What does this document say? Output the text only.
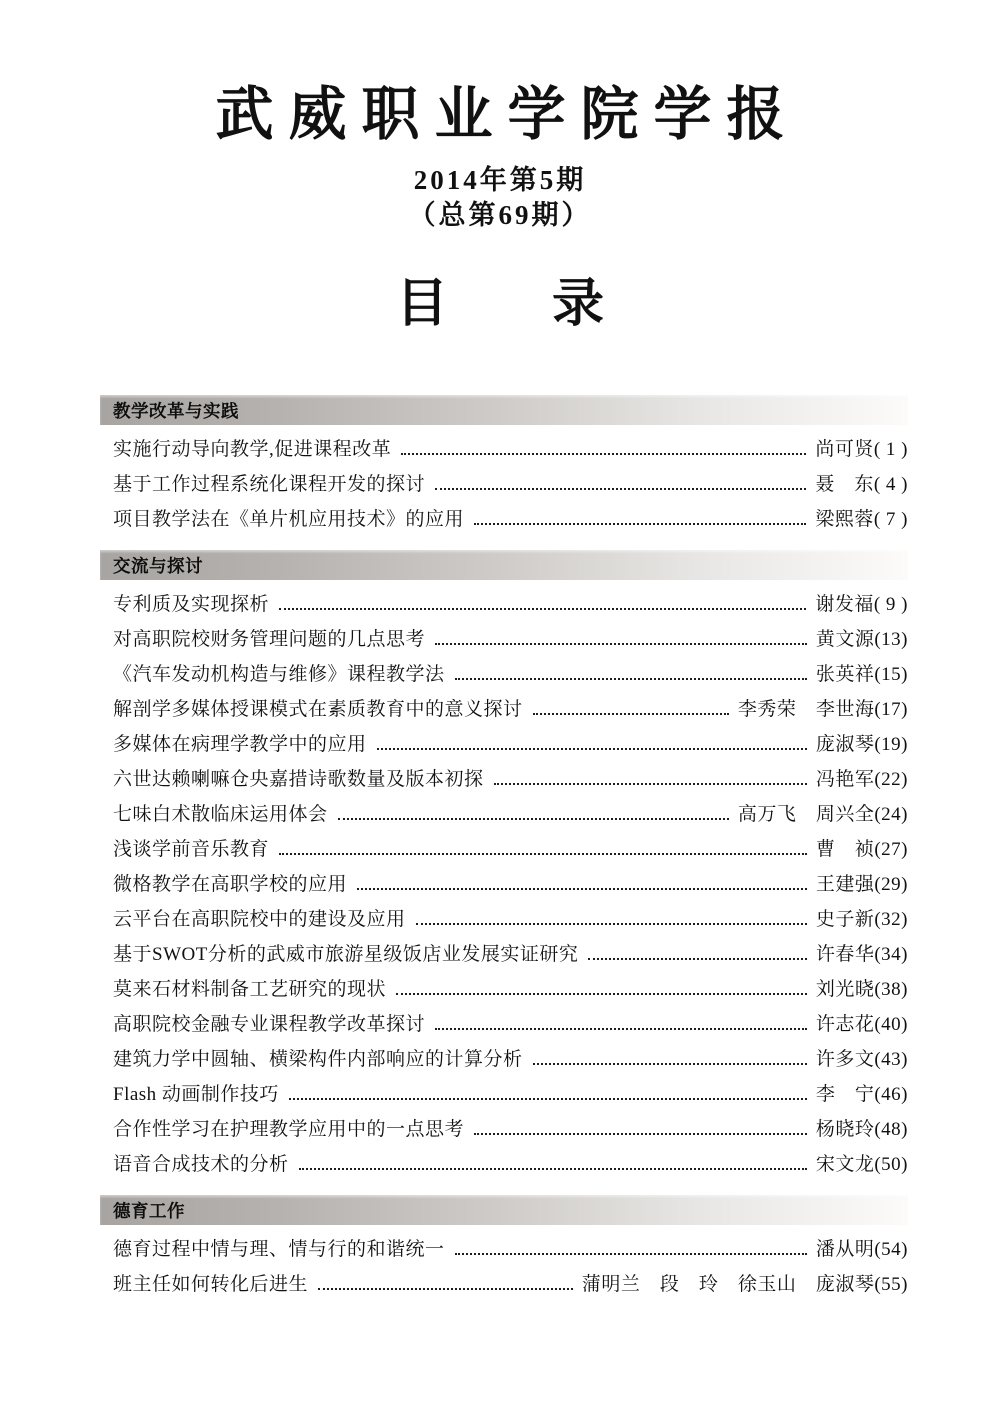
武威职业学院学报
2014年第5期
（总第69期）
目　　录
教学改革与实践
实施行动导向教学,促进课程改革	尚可贤( 1 )
基于工作过程系统化课程开发的探讨	聂　东( 4 )
项目教学法在《单片机应用技术》的应用	梁熙蓉( 7 )
交流与探讨
专利质及实现探析	谢发福( 9 )
对高职院校财务管理问题的几点思考	黄文源(13)
《汽车发动机构造与维修》课程教学法	张英祥(15)
解剖学多媒体授课模式在素质教育中的意义探讨	李秀荣　李世海(17)
多媒体在病理学教学中的应用	庞淑琴(19)
六世达赖喇嘛仓央嘉措诗歌数量及版本初探	冯艳军(22)
七味白术散临床运用体会	高万飞　周兴全(24)
浅谈学前音乐教育	曹　祯(27)
微格教学在高职学校的应用	王建强(29)
云平台在高职院校中的建设及应用	史子新(32)
基于SWOT分析的武威市旅游星级饭店业发展实证研究	许春华(34)
莫来石材料制备工艺研究的现状	刘光晓(38)
高职院校金融专业课程教学改革探讨	许志花(40)
建筑力学中圆轴、横梁构件内部响应的计算分析	许多文(43)
Flash 动画制作技巧	李　宁(46)
合作性学习在护理教学应用中的一点思考	杨晓玲(48)
语音合成技术的分析	宋文龙(50)
德育工作
德育过程中情与理、情与行的和谐统一	潘从明(54)
班主任如何转化后进生	蒲明兰　段　玲　徐玉山　庞淑琴(55)
